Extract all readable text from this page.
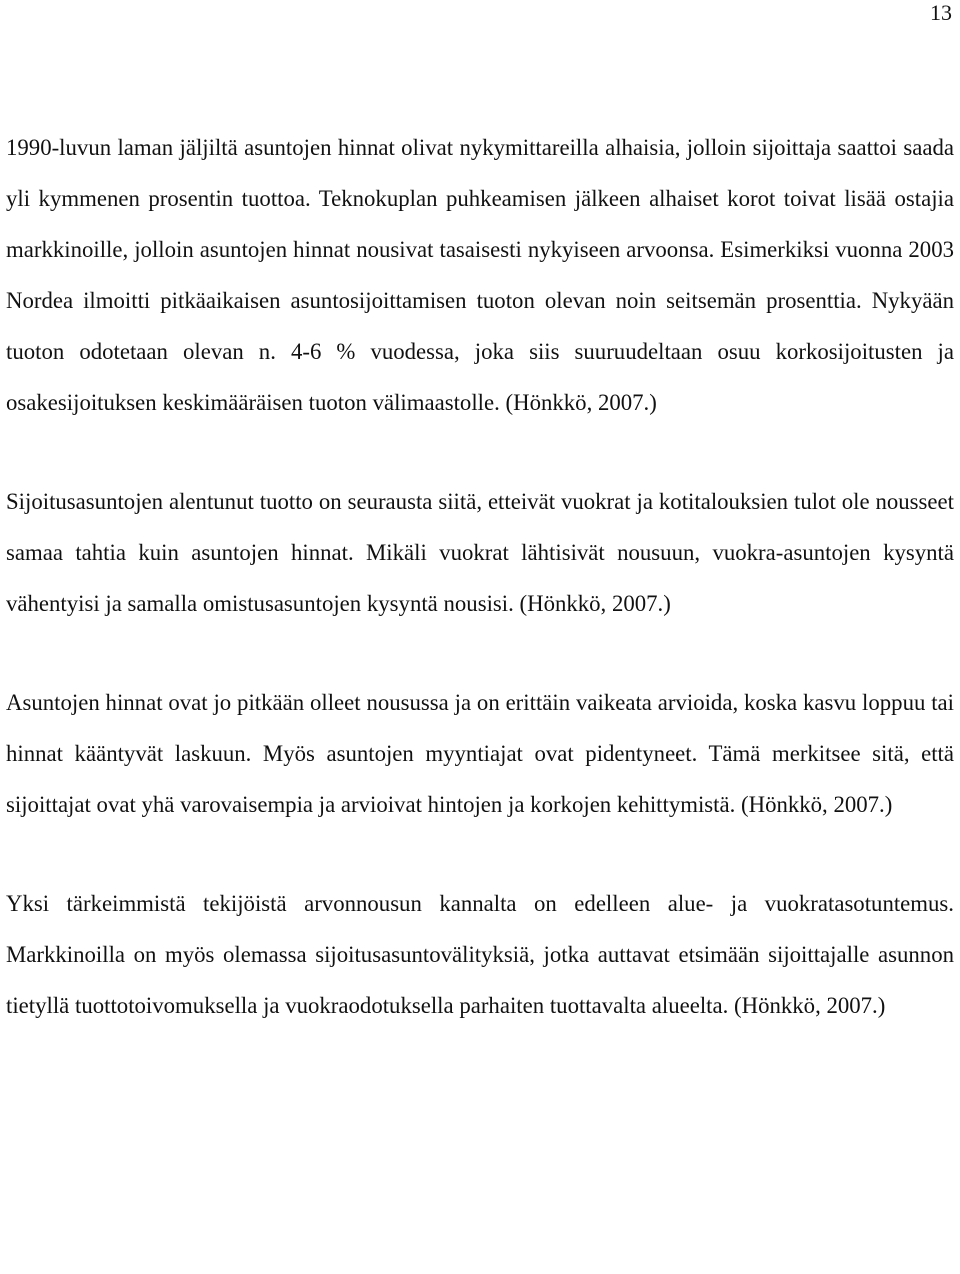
13

1990-luvun laman jäljiltä asuntojen hinnat olivat nykymittareilla alhaisia, jolloin sijoittaja saattoi saada yli kymmenen prosentin tuottoa. Teknokuplan puhkeamisen jälkeen alhaiset korot toivat lisää ostajia markkinoille, jolloin asuntojen hinnat nousivat tasaisesti nykyiseen arvoonsa. Esimerkiksi vuonna 2003 Nordea ilmoitti pitkäaikaisen asuntosijoittamisen tuoton olevan noin seitsemän prosenttia. Nykyään tuoton odotetaan olevan n. 4-6 % vuodessa, joka siis suuruudeltaan osuu korkosijoitusten ja osakesijoituksen keskimääräisen tuoton välimaastolle. (Hönkkö, 2007.)

Sijoitusasuntojen alentunut tuotto on seurausta siitä, etteivät vuokrat ja kotitalouksien tulot ole nousseet samaa tahtia kuin asuntojen hinnat. Mikäli vuokrat lähtisivät nousuun, vuokra-asuntojen kysyntä vähentyisi ja samalla omistusasuntojen kysyntä nousisi. (Hönkkö, 2007.)

Asuntojen hinnat ovat jo pitkään olleet nousussa ja on erittäin vaikeata arvioida, koska kasvu loppuu tai hinnat kääntyvät laskuun. Myös asuntojen myyntiajat ovat pidentyneet. Tämä merkitsee sitä, että sijoittajat ovat yhä varovaisempia ja arvioivat hintojen ja korkojen kehittymistä. (Hönkkö, 2007.)

Yksi tärkeimmistä tekijöistä arvonnousun kannalta on edelleen alue- ja vuokratasotuntemus. Markkinoilla on myös olemassa sijoitusasuntovälityksiä, jotka auttavat etsimään sijoittajalle asunnon tietyllä tuottotoivomuksella ja vuokraodotuksella parhaiten tuottavalta alueelta. (Hönkkö, 2007.)
